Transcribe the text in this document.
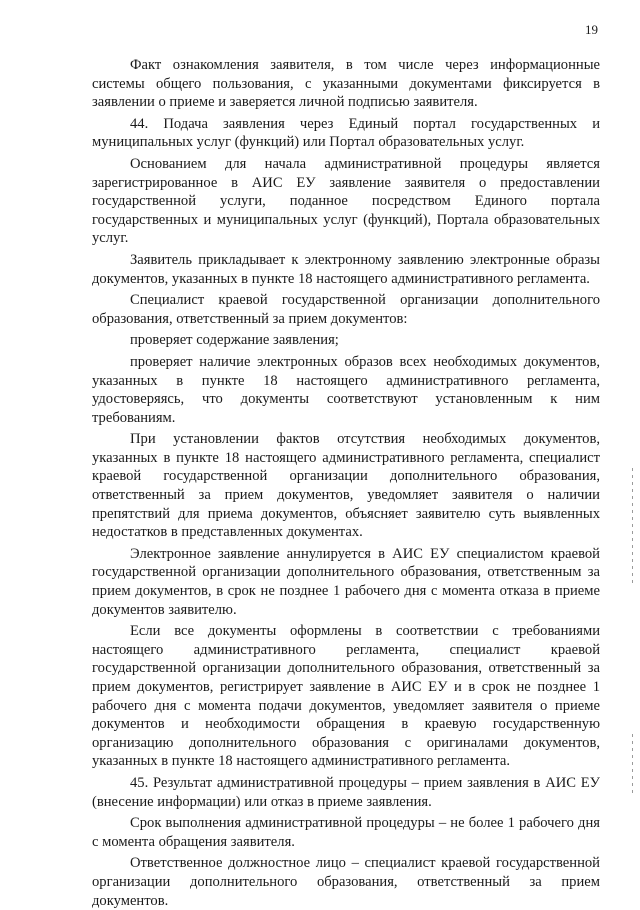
19

Факт ознакомления заявителя, в том числе через информационные системы общего пользования, с указанными документами фиксируется в заявлении о приеме и заверяется личной подписью заявителя.

44. Подача заявления через Единый портал государственных и муниципальных услуг (функций) или Портал образовательных услуг.

Основанием для начала административной процедуры является зарегистрированное в АИС ЕУ заявление заявителя о предоставлении государственной услуги, поданное посредством Единого портала государственных и муниципальных услуг (функций), Портала образовательных услуг.

Заявитель прикладывает к электронному заявлению электронные образы документов, указанных в пункте 18 настоящего административного регламента.

Специалист краевой государственной организации дополнительного образования, ответственный за прием документов:

проверяет содержание заявления;

проверяет наличие электронных образов всех необходимых документов, указанных в пункте 18 настоящего административного регламента, удостоверяясь, что документы соответствуют установленным к ним требованиям.

При установлении фактов отсутствия необходимых документов, указанных в пункте 18 настоящего административного регламента, специалист краевой государственной организации дополнительного образования, ответственный за прием документов, уведомляет заявителя о наличии препятствий для приема документов, объясняет заявителю суть выявленных недостатков в представленных документах.

Электронное заявление аннулируется в АИС ЕУ специалистом краевой государственной организации дополнительного образования, ответственным за прием документов, в срок не позднее 1 рабочего дня с момента отказа в приеме документов заявителю.

Если все документы оформлены в соответствии с требованиями настоящего административного регламента, специалист краевой государственной организации дополнительного образования, ответственный за прием документов, регистрирует заявление в АИС ЕУ и в срок не позднее 1 рабочего дня с момента подачи документов, уведомляет заявителя о приеме документов и необходимости обращения в краевую государственную организацию дополнительного образования с оригиналами документов, указанных в пункте 18 настоящего административного регламента.

45. Результат административной процедуры – прием заявления в АИС ЕУ (внесение информации) или отказ в приеме заявления.

Срок выполнения административной процедуры – не более 1 рабочего дня с момента обращения заявителя.

Ответственное должностное лицо – специалист краевой государственной организации дополнительного образования, ответственный за прием документов.
